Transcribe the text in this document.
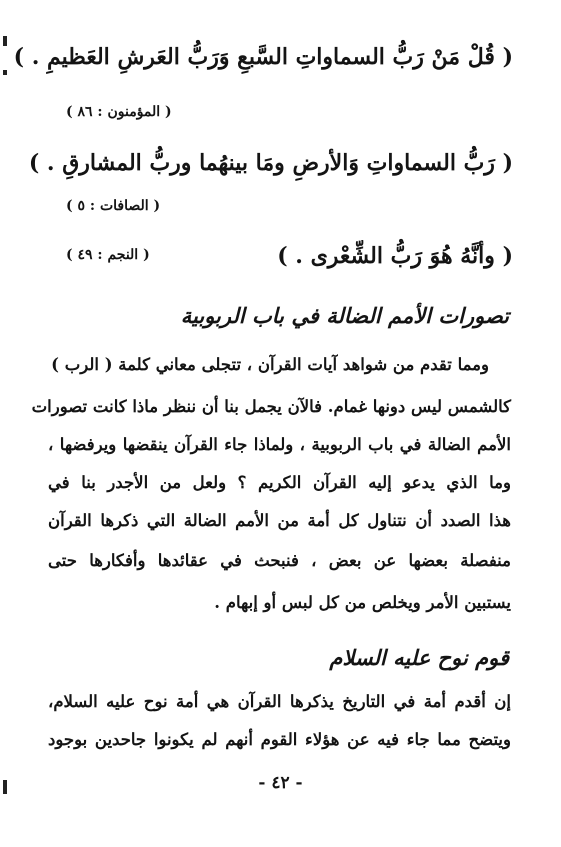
( قُلْ مَنْ رَبُّ السماواتِ السَّبعِ وَرَبُّ العَرشِ العَظيمِ . )
( المؤمنون : ٨٦ )
( رَبُّ السماواتِ وَالأرضِ ومَا بينهُما وربُّ المشارقِ . )
( الصافات : ٥ )
( وأنَّهُ هُوَ رَبُّ الشِّعْرى . )
( النجم : ٤٩ )
تصورات الأمم الضالة في باب الربوبية
ومما تقدم من شواهد آيات القرآن ، تتجلى معاني كلمة ( الرب )
كالشمس ليس دونها غمام. فالآن يجمل بنا أن ننظر ماذا كانت تصورات
الأمم الضالة في باب الربوبية ، ولماذا جاء القرآن ينقضها ويرفضها ،
وما الذي يدعو إليه القرآن الكريم ؟ ولعل من الأجدر بنا في
هذا الصدد أن نتناول كل أمة من الأمم الضالة التي ذكرها القرآن
منفصلة بعضها عن بعض ، فنبحث في عقائدها وأفكارها حتى
يستبين الأمر ويخلص من كل لبس أو إبهام .
قوم نوح عليه السلام
إن أقدم أمة في التاريخ يذكرها القرآن هي أمة نوح عليه السلام،
ويتضح مما جاء فيه عن هؤلاء القوم أنهم لم يكونوا جاحدين بوجود
- ٤٢ -
